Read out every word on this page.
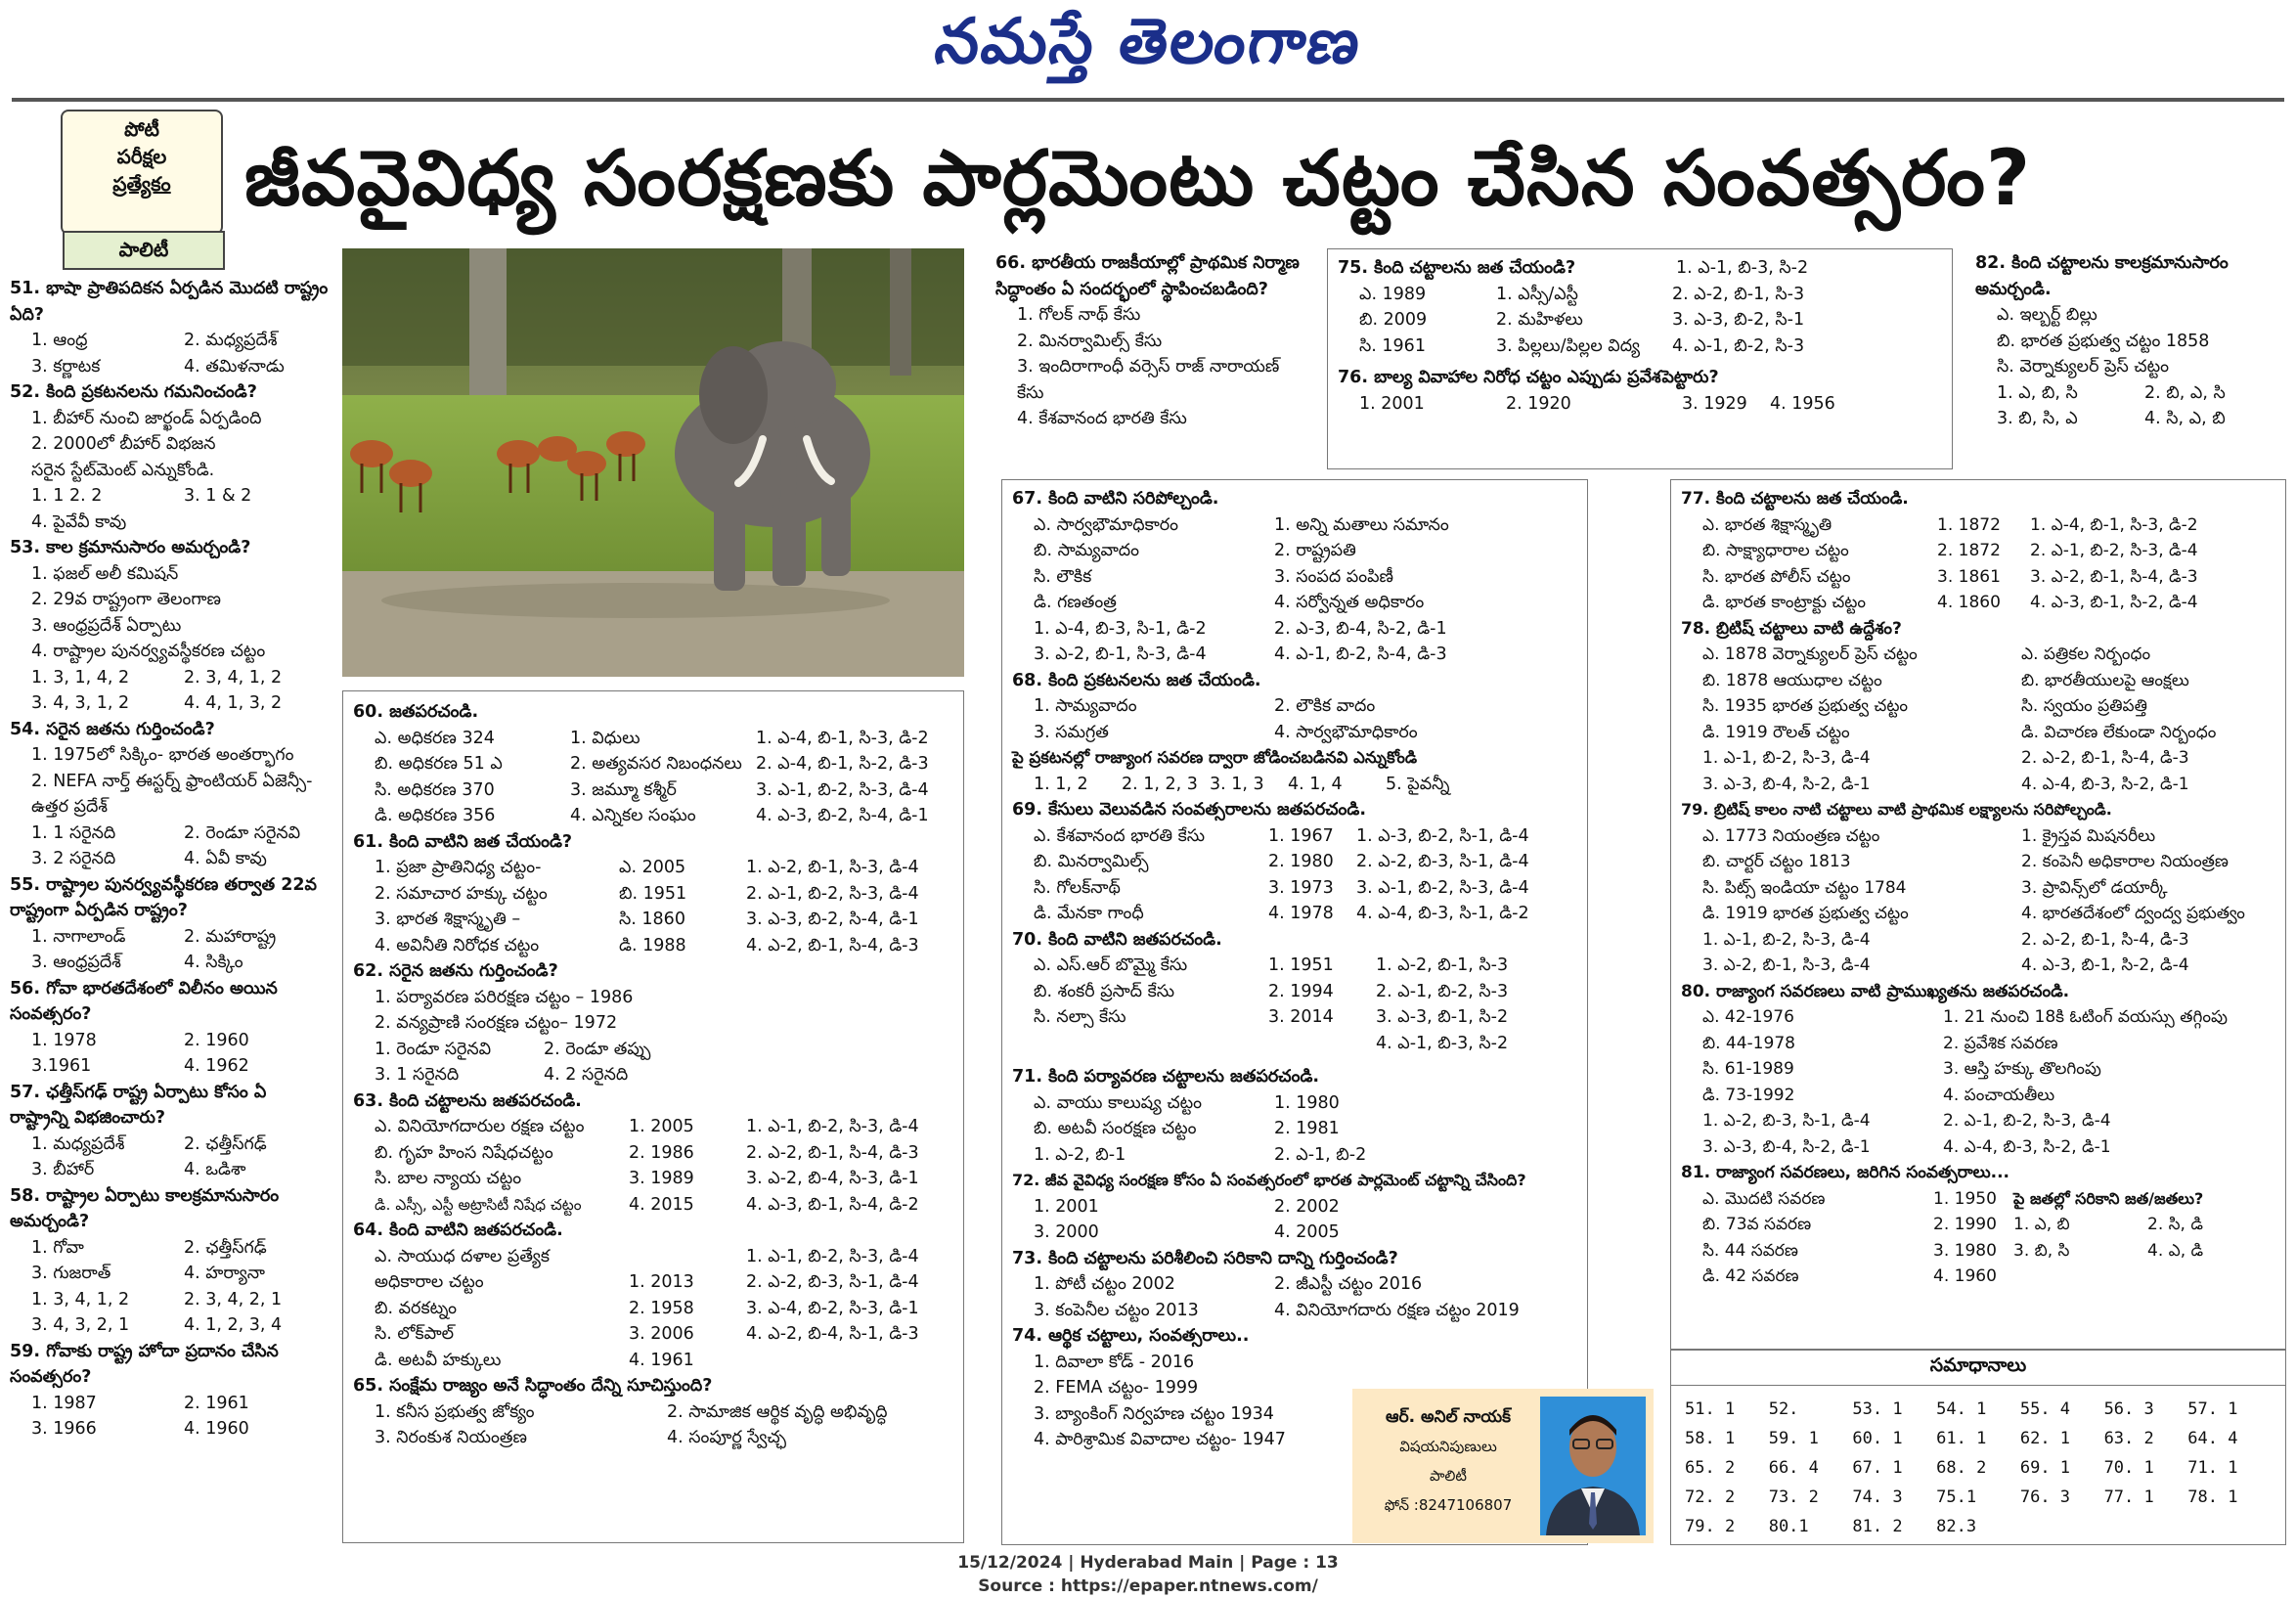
నమస్తే తెలంగాణ
పోటీ
పరీక్షల
ప్రత్యేకం
పాలిటీ
జీవవైవిధ్య సంరక్షణకు పార్లమెంటు చట్టం చేసిన సంవత్సరం?
51. భాషా ప్రాతిపదికన ఏర్పడిన మొదటి రాష్ట్రం ఏది?
1. ఆంధ్ర	2. మధ్యప్రదేశ్
3. కర్ణాటక	4. తమిళనాడు
52. కింది ప్రకటనలను గమనించండి?
1. బీహార్ నుంచి జార్ఖండ్ ఏర్పడింది
2. 2000లో బీహార్ విభజన
సరైన స్టేట్‌మెంట్ ఎన్నుకోండి.
1. 1 2. 2	3. 1 & 2
4. పైవేవీ కావు
53. కాల క్రమానుసారం అమర్చండి?
1. ఫజల్ అలీ కమిషన్
2. 29వ రాష్ట్రంగా తెలంగాణ
3. ఆంధ్రప్రదేశ్ ఏర్పాటు
4. రాష్ట్రాల పునర్వ్యవస్థీకరణ చట్టం
1. 3, 1, 4, 2	2. 3, 4, 1, 2
3. 4, 3, 1, 2	4. 4, 1, 3, 2
54. సరైన జతను గుర్తించండి?
1. 1975లో సిక్కిం- భారత అంతర్భాగం
2. NEFA నార్త్ ఈస్టర్న్ ఫ్రాంటియర్ ఏజెన్సీ- ఉత్తర ప్రదేశ్
1. 1 సరైనది	2. రెండూ సరైనవి
3. 2 సరైనది	4. ఏవీ కావు
55. రాష్ట్రాల పునర్వ్యవస్థీకరణ తర్వాత 22వ రాష్ట్రంగా ఏర్పడిన రాష్ట్రం?
1. నాగాలాండ్	2. మహారాష్ట్ర
3. ఆంధ్రప్రదేశ్	4. సిక్కిం
56. గోవా భారతదేశంలో విలీనం అయిన సంవత్సరం?
1. 1978	2. 1960
3.1961	4. 1962
57. ఛత్తీస్‌గఢ్ రాష్ట్ర ఏర్పాటు కోసం ఏ రాష్ట్రాన్ని విభజించారు?
1. మధ్యప్రదేశ్	2. ఛత్తీస్‌గఢ్
3. బీహార్	4. ఒడిశా
58. రాష్ట్రాల ఏర్పాటు కాలక్రమానుసారం అమర్చండి?
1. గోవా	2. ఛత్తీస్‌గఢ్
3. గుజరాత్	4. హర్యానా
1. 3, 4, 1, 2	2. 3, 4, 2, 1
3. 4, 3, 2, 1	4. 1, 2, 3, 4
59. గోవాకు రాష్ట్ర హోదా ప్రదానం చేసిన సంవత్సరం?
1. 1987	2. 1961
3. 1966	4. 1960
60. జతపరచండి.
ఎ. అధికరణ 324	1. విధులు	1. ఎ-4, బి-1, సి-3, డి-2
బి. అధికరణ 51 ఎ	2. అత్యవసర నిబంధనలు 2. ఎ-4, బి-1, సి-2, డి-3
సి. అధికరణ 370	3. జమ్మూ కశ్మీర్	3. ఎ-1, బి-2, సి-3, డి-4
డి. అధికరణ 356	4. ఎన్నికల సంఘం	4. ఎ-3, బి-2, సి-4, డి-1
61. కింది వాటిని జత చేయండి?
1. ప్రజా ప్రాతినిధ్య చట్టం-	ఎ. 2005	1. ఎ-2, బి-1, సి-3, డి-4
2. సమాచార హక్కు చట్టం	బి. 1951	2. ఎ-1, బి-2, సి-3, డి-4
3. భారత శిక్షాస్మృతి –	సి. 1860	3. ఎ-3, బి-2, సి-4, డి-1
4. అవినీతి నిరోధక చట్టం	డి. 1988	4. ఎ-2, బి-1, సి-4, డి-3
62. సరైన జతను గుర్తించండి?
1. పర్యావరణ పరిరక్షణ చట్టం – 1986
2. వన్యప్రాణి సంరక్షణ చట్టం– 1972
1. రెండూ సరైనవి	2. రెండూ తప్పు
3. 1 సరైనది	4. 2 సరైనది
63. కింది చట్టాలను జతపరచండి.
ఎ. వినియోగదారుల రక్షణ చట్టం	1. 2005	1. ఎ-1, బి-2, సి-3, డి-4
బి. గృహ హింస నిషేధచట్టం	2. 1986	2. ఎ-2, బి-1, సి-4, డి-3
సి. బాల న్యాయ చట్టం	3. 1989	3. ఎ-2, బి-4, సి-3, డి-1
డి. ఎస్సీ, ఎస్టీ అట్రాసిటీ నిషేధ చట్టం	4. 2015	4. ఎ-3, బి-1, సి-4, డి-2
64. కింది వాటిని జతపరచండి.
ఎ. సాయుధ దళాల ప్రత్యేక	1. ఎ-1, బి-2, సి-3, డి-4
అధికారాల చట్టం	1. 2013	2. ఎ-2, బి-3, సి-1, డి-4
బి. వరకట్నం	2. 1958	3. ఎ-4, బి-2, సి-3, డి-1
సి. లోక్‌పాల్	3. 2006	4. ఎ-2, బి-4, సి-1, డి-3
డి. అటవీ హక్కులు	4. 1961
65. సంక్షేమ రాజ్యం అనే సిద్ధాంతం దేన్ని సూచిస్తుంది?
1. కనీస ప్రభుత్వ జోక్యం	2. సామాజిక ఆర్థిక వృద్ధి అభివృద్ధి
3. నిరంకుశ నియంత్రణ	4. సంపూర్ణ స్వేచ్ఛ
66. భారతీయ రాజకీయాల్లో ప్రాథమిక నిర్మాణ సిద్ధాంతం ఏ సందర్భంలో స్థాపించబడింది?
1. గోలక్ నాథ్ కేసు
2. మినర్వామిల్స్ కేసు
3. ఇందిరాగాంధీ వర్సెస్ రాజ్ నారాయణ్ కేసు
4. కేశవానంద భారతి కేసు
67. కింది వాటిని సరిపోల్చండి.
ఎ. సార్వభౌమాధికారం	1. అన్ని మతాలు సమానం
బి. సామ్యవాదం	2. రాష్ట్రపతి
సి. లౌకిక	3. సంపద పంపిణీ
డి. గణతంత్ర	4. సర్వోన్నత అధికారం
1. ఎ-4, బి-3, సి-1, డి-2	2. ఎ-3, బి-4, సి-2, డి-1
3. ఎ-2, బి-1, సి-3, డి-4	4. ఎ-1, బి-2, సి-4, డి-3
68. కింది ప్రకటనలను జత చేయండి.
1. సామ్యవాదం	2. లౌకిక వాదం
3. సమగ్రత	4. సార్వభౌమాధికారం
పై ప్రకటనల్లో రాజ్యాంగ సవరణ ద్వారా జోడించబడినవి ఎన్నుకోండి
1. 1, 2	2. 1, 2, 3 3. 1, 3	4. 1, 4	5. పైవన్నీ
69. కేసులు వెలువడిన సంవత్సరాలను జతపరచండి.
ఎ. కేశవానంద భారతి కేసు	1. 1967	1. ఎ-3, బి-2, సి-1, డి-4
బి. మినర్వామిల్స్	2. 1980	2. ఎ-2, బి-3, సి-1, డి-4
సి. గోలక్‌నాథ్	3. 1973	3. ఎ-1, బి-2, సి-3, డి-4
డి. మేనకా గాంధీ	4. 1978	4. ఎ-4, బి-3, సి-1, డి-2
70. కింది వాటిని జతపరచండి.
ఎ. ఎస్.ఆర్ బొమ్మై కేసు	1. 1951	1. ఎ-2, బి-1, సి-3
బి. శంకరీ ప్రసాద్ కేసు	2. 1994	2. ఎ-1, బి-2, సి-3
సి. నల్సా కేసు	3. 2014	3. ఎ-3, బి-1, సి-2
4. ఎ-1, బి-3, సి-2
71. కింది పర్యావరణ చట్టాలను జతపరచండి.
ఎ. వాయు కాలుష్య చట్టం	1. 1980
బి. అటవీ సంరక్షణ చట్టం	2. 1981
1. ఎ-2, బి-1	2. ఎ-1, బి-2
72. జీవ వైవిధ్య సంరక్షణ కోసం ఏ సంవత్సరంలో భారత పార్లమెంట్ చట్టాన్ని చేసింది?
1. 2001	2. 2002
3. 2000	4. 2005
73. కింది చట్టాలను పరిశీలించి సరికాని దాన్ని గుర్తించండి?
1. పోటీ చట్టం 2002	2. జీఎస్టీ చట్టం 2016
3. కంపెనీల చట్టం 2013	4. వినియోగదారు రక్షణ చట్టం 2019
74. ఆర్థిక చట్టాలు, సంవత్సరాలు..
1. దివాలా కోడ్ - 2016
2. FEMA చట్టం- 1999
3. బ్యాంకింగ్ నిర్వహణ చట్టం 1934
4. పారిశ్రామిక వివాదాల చట్టం- 1947
75. కింది చట్టాలను జత చేయండి?	1. ఎ-1, బి-3, సి-2
ఎ. 1989	1. ఎస్సీ/ఎస్టీ	2. ఎ-2, బి-1, సి-3
బి. 2009	2. మహిళలు	3. ఎ-3, బి-2, సి-1
సి. 1961	3. పిల్లలు/పిల్లల విద్య	4. ఎ-1, బి-2, సి-3
76. బాల్య వివాహాల నిరోధ చట్టం ఎప్పుడు ప్రవేశపెట్టారు?
1. 2001	2. 1920	3. 1929	4. 1956
82. కింది చట్టాలను కాలక్రమానుసారం అమర్చండి.
ఎ. ఇల్బర్ట్ బిల్లు
బి. భారత ప్రభుత్వ చట్టం 1858
సి. వెర్నాక్యులర్ ప్రెస్ చట్టం
1. ఎ, బి, సి	2. బి, ఎ, సి
3. బి, సి, ఎ	4. సి, ఎ, బి
77. కింది చట్టాలను జత చేయండి.
ఎ. భారత శిక్షాస్మృతి	1. 1872	1. ఎ-4, బి-1, సి-3, డి-2
బి. సాక్ష్యాధారాల చట్టం	2. 1872	2. ఎ-1, బి-2, సి-3, డి-4
సి. భారత పోలీస్ చట్టం	3. 1861	3. ఎ-2, బి-1, సి-4, డి-3
డి. భారత కాంట్రాక్టు చట్టం	4. 1860	4. ఎ-3, బి-1, సి-2, డి-4
78. బ్రిటిష్ చట్టాలు వాటి ఉద్దేశం?
ఎ. 1878 వెర్నాక్యులర్ ప్రెస్ చట్టం	ఎ. పత్రికల నిర్బంధం
బి. 1878 ఆయుధాల చట్టం	బి. భారతీయులపై ఆంక్షలు
సి. 1935 భారత ప్రభుత్వ చట్టం	సి. స్వయం ప్రతిపత్తి
డి. 1919 రౌలత్ చట్టం	డి. విచారణ లేకుండా నిర్బంధం
1. ఎ-1, బి-2, సి-3, డి-4	2. ఎ-2, బి-1, సి-4, డి-3
3. ఎ-3, బి-4, సి-2, డి-1	4. ఎ-4, బి-3, సి-2, డి-1
79. బ్రిటిష్ కాలం నాటి చట్టాలు వాటి ప్రాథమిక లక్ష్యాలను సరిపోల్చండి.
ఎ. 1773 నియంత్రణ చట్టం	1. క్రైస్తవ మిషనరీలు
బి. చార్టర్ చట్టం 1813	2. కంపెనీ అధికారాల నియంత్రణ
సి. పిట్స్ ఇండియా చట్టం 1784	3. ప్రావిన్స్‌లో డయార్కీ
డి. 1919 భారత ప్రభుత్వ చట్టం	4. భారతదేశంలో ద్వంద్వ ప్రభుత్వం
1. ఎ-1, బి-2, సి-3, డి-4	2. ఎ-2, బి-1, సి-4, డి-3
3. ఎ-2, బి-1, సి-3, డి-4	4. ఎ-3, బి-1, సి-2, డి-4
80. రాజ్యాంగ సవరణలు వాటి ప్రాముఖ్యతను జతపరచండి.
ఎ. 42-1976	1. 21 నుంచి 18కి ఓటింగ్ వయస్సు తగ్గింపు
బి. 44-1978	2. ప్రవేశిక సవరణ
సి. 61-1989	3. ఆస్తి హక్కు తొలగింపు
డి. 73-1992	4. పంచాయతీలు
1. ఎ-2, బి-3, సి-1, డి-4	2. ఎ-1, బి-2, సి-3, డి-4
3. ఎ-3, బి-4, సి-2, డి-1	4. ఎ-4, బి-3, సి-2, డి-1
81. రాజ్యాంగ సవరణలు, జరిగిన సంవత్సరాలు...
ఎ. మొదటి సవరణ	1. 1950
బి. 73వ సవరణ	2. 1990
సి. 44 సవరణ	3. 1980
డి. 42 సవరణ	4. 1960
పై జతల్లో సరికాని జత/జతలు?
1. ఎ, బి	2. సి, డి
3. బి, సి	4. ఎ, డి
సమాధానాలు
51. 1	52.	53. 1	54. 1	55. 4	56. 3	57. 1
58. 1	59. 1	60. 1	61. 1	62. 1	63. 2	64. 4
65. 2	66. 4	67. 1	68. 2	69. 1	70. 1	71. 1
72. 2	73. 2	74. 3	75.1	76. 3	77. 1	78. 1
79. 2	80.1	81. 2	82.3
ఆర్. అనిల్ నాయక్
విషయనిపుణులు
పాలిటీ
ఫోన్ :8247106807
15/12/2024 | Hyderabad Main | Page : 13
Source : https://epaper.ntnews.com/
